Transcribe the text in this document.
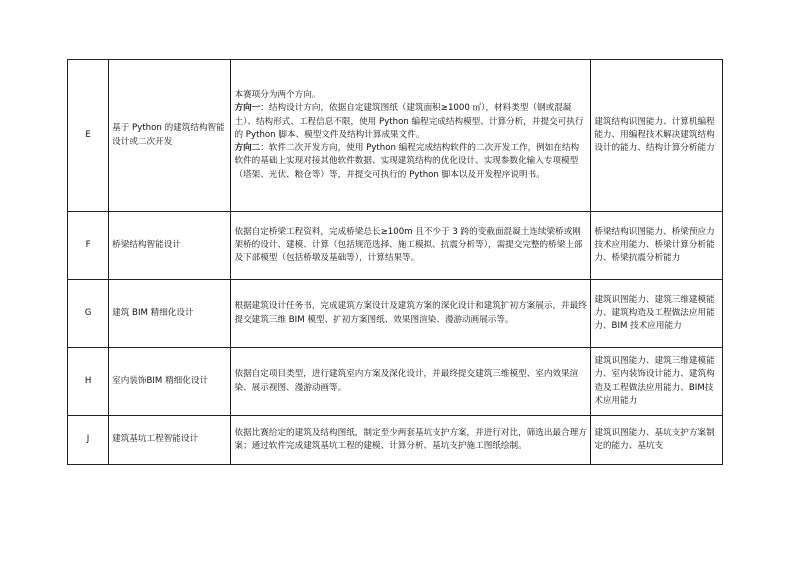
E	基于 Python 的建筑结构智能设计或二次开发	本赛项分为两个方向。
方向一：结构设计方向，依据自定建筑图纸（建筑面积≥1000 ㎡），材料类型（钢或混凝土）、结构形式、工程信息不限，使用 Python 编程完成结构模型、计算分析，并提交可执行的 Python 脚本、模型文件及结构计算成果文件。
方向二：软件二次开发方向，使用 Python 编程完成结构软件的二次开发工作，例如在结构软件的基础上实现对接其他软件数据、实现建筑结构的优化设计、实现参数化输入专项模型（塔架、光伏、粮仓等）等，并提交可执行的 Python 脚本以及开发程序说明书。	建筑结构识图能力、计算机编程能力、用编程技术解决建筑结构设计的能力、结构计算分析能力
F	桥梁结构智能设计	依据自定桥梁工程资料，完成桥梁总长≥100m 且不少于 3 跨的变截面混凝土连续梁桥或刚架桥的设计、建模、计算（包括规范选择、施工模拟、抗震分析等），需提交完整的桥梁上部及下部模型（包括桥墩及基础等），计算结果等。	桥梁结构识图能力、桥梁预应力技术应用能力、桥梁计算分析能力、桥梁抗震分析能力
G	建筑 BIM 精细化设计	根据建筑设计任务书，完成建筑方案设计及建筑方案的深化设计和建筑扩初方案展示，并最终提交建筑三维 BIM 模型、扩初方案图纸、效果图渲染、漫游动画展示等。	建筑识图能力、建筑三维建模能力、建筑构造及工程做法应用能力、BIM 技术应用能力
H	室内装饰BIM 精细化设计	依据自定项目类型，进行建筑室内方案及深化设计，并最终提交建筑三维模型、室内效果渲染、展示视图、漫游动画等。	建筑识图能力、建筑三维建模能力、室内装饰设计能力、建筑构造及工程做法应用能力、BIM技术应用能力
J	建筑基坑工程智能设计	依据比赛给定的建筑及结构图纸，制定至少两套基坑支护方案，并进行对比，筛选出最合理方案；通过软件完成建筑基坑工程的建模、计算分析、基坑支护施工图纸绘制。	建筑识图能力、基坑支护方案制定的能力、基坑支
